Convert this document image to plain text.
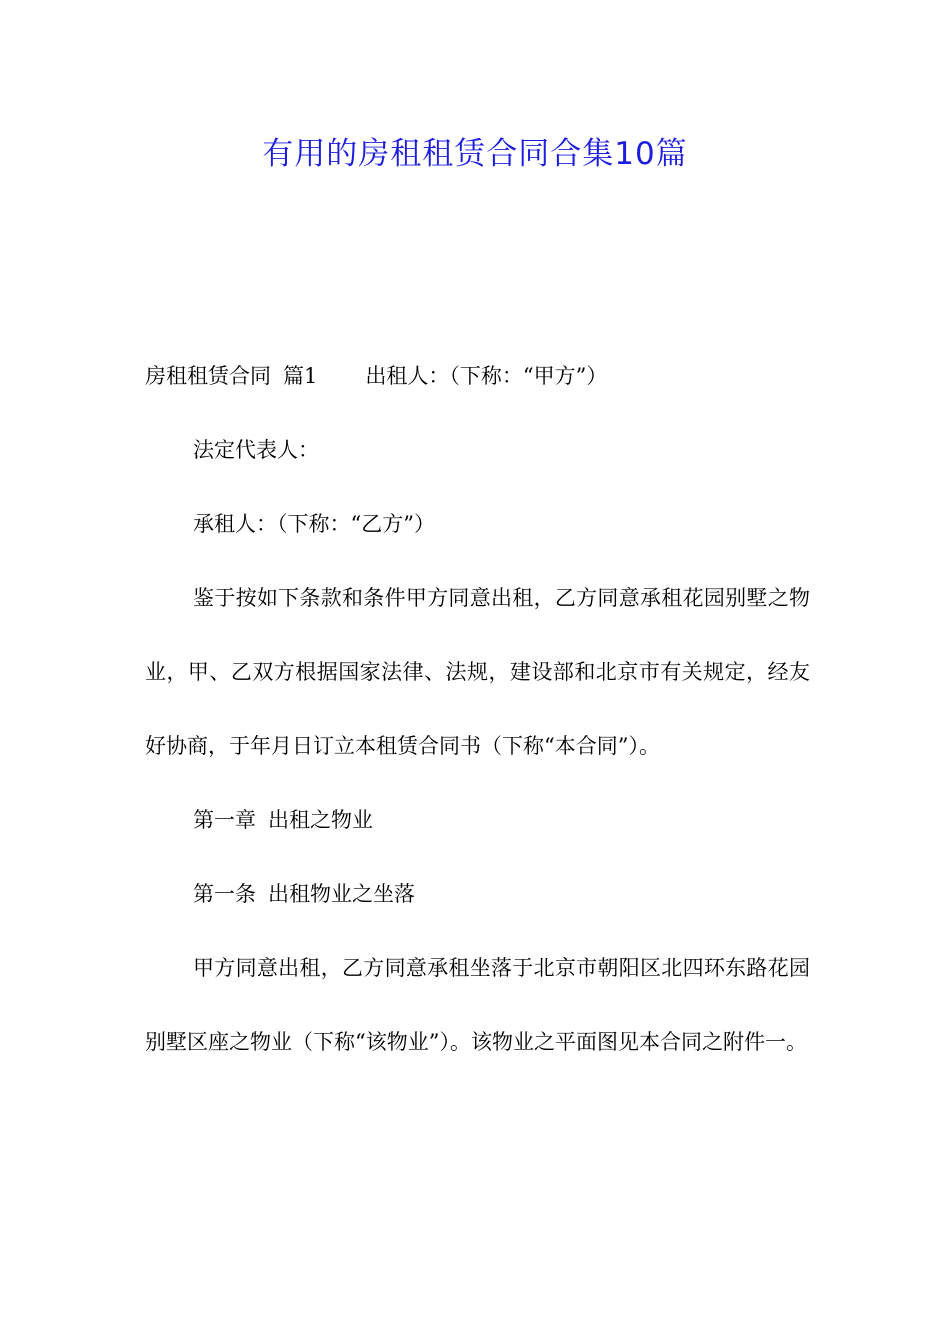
有用的房租租赁合同合集10篇

房租租赁合同 篇1 出租人：（下称：“甲方”）

法定代表人：

承租人：（下称：“乙方”）

鉴于按如下条款和条件甲方同意出租，乙方同意承租花园别墅之物业，甲、乙双方根据国家法律、法规，建设部和北京市有关规定，经友好协商，于年月日订立本租赁合同书（下称“本合同”）。

第一章 出租之物业

第一条 出租物业之坐落

甲方同意出租，乙方同意承租坐落于北京市朝阳区北四环东路花园别墅区座之物业（下称“该物业”）。该物业之平面图见本合同之附件一。
